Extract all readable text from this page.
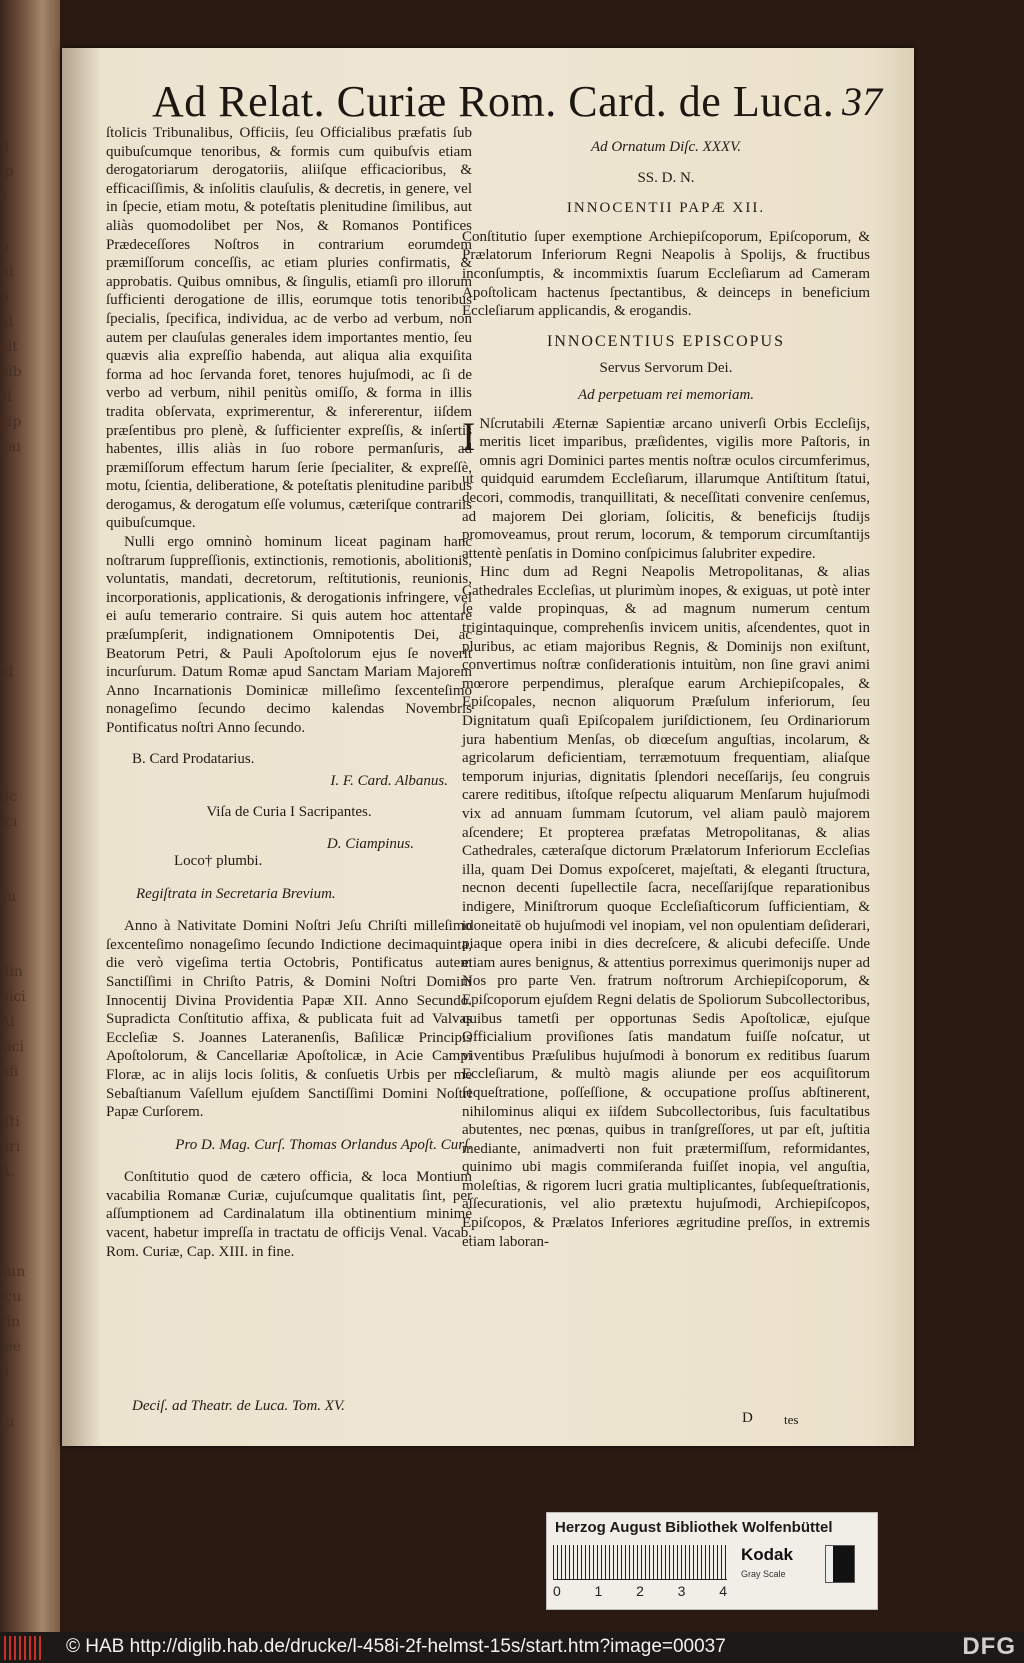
ſ
d
ip
s

p
ni
b
al
cit
eib
si
cip
caı

id

fic
fcı

su

flin
bici
Al
sici
nfi

ıfti
uri
A.

sun
lcu
rin
lee
fi

tu
Ad Relat. Curiæ Rom. Card. de Luca. 37

ſtolicis Tribunalibus, Officiis, ſeu Officialibus præfatis ſub quibuſcumque tenoribus, & formis cum quibuſvis etiam derogatoriarum derogatoriis, aliiſque efficacioribus, & efficaciſſimis, & inſolitis clauſulis, & decretis, in genere, vel in ſpecie, etiam motu, & poteſtatis plenitudine ſimilibus, aut aliàs quomodolibet per Nos, & Romanos Pontifices Prædeceſſores Noſtros in contrarium eorumdem præmiſſorum conceſſis, ac etiam pluries confirmatis, & approbatis. Quibus omnibus, & ſingulis, etiamſi pro illorum ſufficienti derogatione de illis, eorumque totis tenoribus ſpecialis, ſpecifica, individua, ac de verbo ad verbum, non autem per clauſulas generales idem importantes mentio, ſeu quævis alia expreſſio habenda, aut aliqua alia exquiſita forma ad hoc ſervanda foret, tenores hujuſmodi, ac ſi de verbo ad verbum, nihil penitùs omiſſo, & forma in illis tradita obſervata, exprimerentur, & infererentur, iiſdem præſentibus pro plenè, & ſufficienter expreſſis, & inſertis habentes, illis aliàs in ſuo robore permanſuris, ad præmiſſorum effectum harum ſerie ſpecialiter, & expreſſè, motu, ſcientia, deliberatione, & poteſtatis plenitudine paribus derogamus, & derogatum eſſe volumus, cæteriſque contrariis quibuſcumque.

Nulli ergo omninò hominum liceat paginam hanc noſtrarum ſuppreſſionis, extinctionis, remotionis, abolitionis, voluntatis, mandati, decretorum, reſtitutionis, reunionis, incorporationis, applicationis, & derogationis infringere, vel ei auſu temerario contraire. Si quis autem hoc attentare præſumpſerit, indignationem Omnipotentis Dei, ac Beatorum Petri, & Pauli Apoſtolorum ejus ſe noverit incurſurum. Datum Romæ apud Sanctam Mariam Majorem Anno Incarnationis Dominicæ milleſimo ſexcenteſimo nonageſimo ſecundo decimo kalendas Novembris Pontificatus noſtri Anno ſecundo.

B. Card Prodatarius.

I. F. Card. Albanus.

Viſa de Curia I Sacripantes.

D. Ciampinus.

Loco† plumbi.

Regiſtrata in Secretaria Brevium.

Anno à Nativitate Domini Noſtri Jeſu Chriſti milleſimo ſexcenteſimo nonageſimo ſecundo Indictione decimaquinta, die verò vigeſima tertia Octobris, Pontificatus autem Sanctiſſimi in Chriſto Patris, & Domini Noſtri Domini Innocentij Divina Providentia Papæ XII. Anno Secundo. Supradicta Conſtitutio affixa, & publicata fuit ad Valvas Eccleſiæ S. Joannes Lateranenſis, Baſilicæ Principis Apoſtolorum, & Cancellariæ Apoſtolicæ, in Acie Campi Floræ, ac in alijs locis ſolitis, & conſuetis Urbis per me Sebaſtianum Vaſellum ejuſdem Sanctiſſimi Domini Noſtri Papæ Curſorem.

Pro D. Mag. Curſ. Thomas Orlandus Apoſt. Curſ.

Conſtitutio quod de cætero officia, & loca Montium vacabilia Romanæ Curiæ, cujuſcumque qualitatis ſint, per aſſumptionem ad Cardinalatum illa obtinentium minimè vacent, habetur impreſſa in tractatu de officijs Venal. Vacab. Rom. Curiæ, Cap. XIII. in fine.

Ad Ornatum Diſc. XXXV.

SS. D. N.

INNOCENTII PAPÆ XII.

Conſtitutio ſuper exemptione Archiepiſcoporum, Epiſcoporum, & Prælatorum Inferiorum Regni Neapolis à Spolijs, & fructibus inconſumptis, & incommixtis ſuarum Eccleſiarum ad Cameram Apoſtolicam hactenus ſpectantibus, & deinceps in beneficium Eccleſiarum applicandis, & erogandis.

INNOCENTIUS EPISCOPUS

Servus Servorum Dei.

Ad perpetuam rei memoriam.

I Nſcrutabili Æternæ Sapientiæ arcano univerſi Orbis Eccleſijs, meritis licet imparibus, præſidentes, vigilis more Paſtoris, in omnis agri Dominici partes mentis noſtræ oculos circumferimus, ut quidquid earumdem Eccleſiarum, illarumque Antiſtitum ſtatui, decori, commodis, tranquillitati, & neceſſitati convenire cenſemus, ad majorem Dei gloriam, ſolicitis, & beneficijs ſtudijs promoveamus, prout rerum, locorum, & temporum circumſtantijs attentè penſatis in Domino conſpicimus ſalubriter expedire.

Hinc dum ad Regni Neapolis Metropolitanas, & alias Cathedrales Eccleſias, ut plurimùm inopes, & exiguas, ut potè inter ſe valde propinquas, & ad magnum numerum centum trigintaquinque, comprehenſis invicem unitis, aſcendentes, quot in pluribus, ac etiam majoribus Regnis, & Dominijs non exiſtunt, convertimus noſtræ conſiderationis intuitùm, non ſine gravi animi mœrore perpendimus, pleraſque earum Archiepiſcopales, & Epiſcopales, necnon aliquorum Præſulum inferiorum, ſeu Dignitatum quaſi Epiſcopalem juriſdictionem, ſeu Ordinariorum jura habentium Menſas, ob diœceſum anguſtias, incolarum, & agricolarum deficientiam, terræmotuum frequentiam, aliaſque temporum injurias, dignitatis ſplendori neceſſarijs, ſeu congruis carere reditibus, iſtoſque reſpectu aliquarum Menſarum hujuſmodi vix ad annuam ſummam ſcutorum, vel aliam paulò majorem aſcendere; Et propterea præfatas Metropolitanas, & alias Cathedrales, cæteraſque dictorum Prælatorum Inferiorum Eccleſias illa, quam Dei Domus expoſceret, majeſtati, & eleganti ſtructura, necnon decenti ſupellectile ſacra, neceſſarijſque reparationibus indigere, Miniſtrorum quoque Eccleſiaſticorum ſufficientiam, & idoneitatē ob hujuſmodi vel inopiam, vel non opulentiam deſiderari, piaque opera inibi in dies decreſcere, & alicubi defeciſſe. Unde etiam aures benignus, & attentius porreximus querimonijs nuper ad Nos pro parte Ven. fratrum noſtrorum Archiepiſcoporum, & Epiſcoporum ejuſdem Regni delatis de Spoliorum Subcollectoribus, quibus tametſi per opportunas Sedis Apoſtolicæ, ejuſque Officialium proviſiones ſatis mandatum fuiſſe noſcatur, ut viventibus Præſulibus hujuſmodi à bonorum ex reditibus ſuarum Eccleſiarum, & multò magis aliunde per eos acquiſitorum ſequeſtratione, poſſeſſione, & occupatione proſſus abſtinerent, nihilominus aliqui ex iiſdem Subcollectoribus, ſuis facultatibus abutentes, nec pœnas, quibus in tranſgreſſores, ut par eſt, juſtitia mediante, animadverti non fuit prætermiſſum, reformidantes, quinimo ubi magis commiſeranda fuiſſet inopia, vel anguſtia, moleſtias, & rigorem lucri gratia multiplicantes, ſubſequeſtrationis, aſſecurationis, vel alio prætextu hujuſmodi, Archiepiſcopos, Epiſcopos, & Prælatos Inferiores ægritudine preſſos, in extremis etiam laboran-

Deciſ. ad Theatr. de Luca. Tom. XV.
D tes
Herzog August Bibliothek Wolfenbüttel
0 1 2 3 4
Kodak
Gray Scale
© HAB http://diglib.hab.de/drucke/l-458i-2f-helmst-15s/start.htm?image=00037	DFG
